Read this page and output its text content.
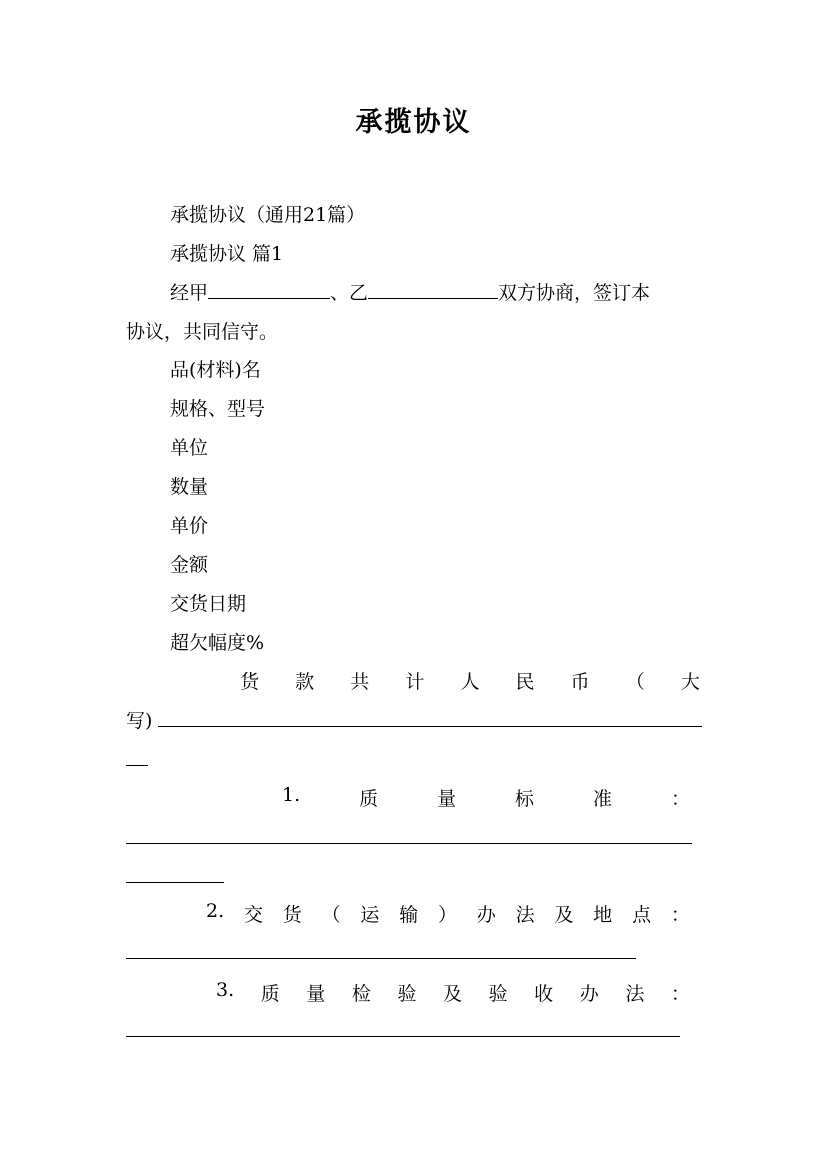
承揽协议
承揽协议（通用21篇）
承揽协议 篇1
经甲	、乙	双方协商，签订本
协议，共同信守。
品(材料)名
规格、型号
单位
数量
单价
金额
交货日期
超欠幅度%
货 款 共 计 人 民 币 （ 大
写)
1.	质	量	标	准	：
2. 交 货 （ 运 输 ） 办 法 及 地 点 ：
3. 质 量 检 验 及 验 收 办 法 ：
